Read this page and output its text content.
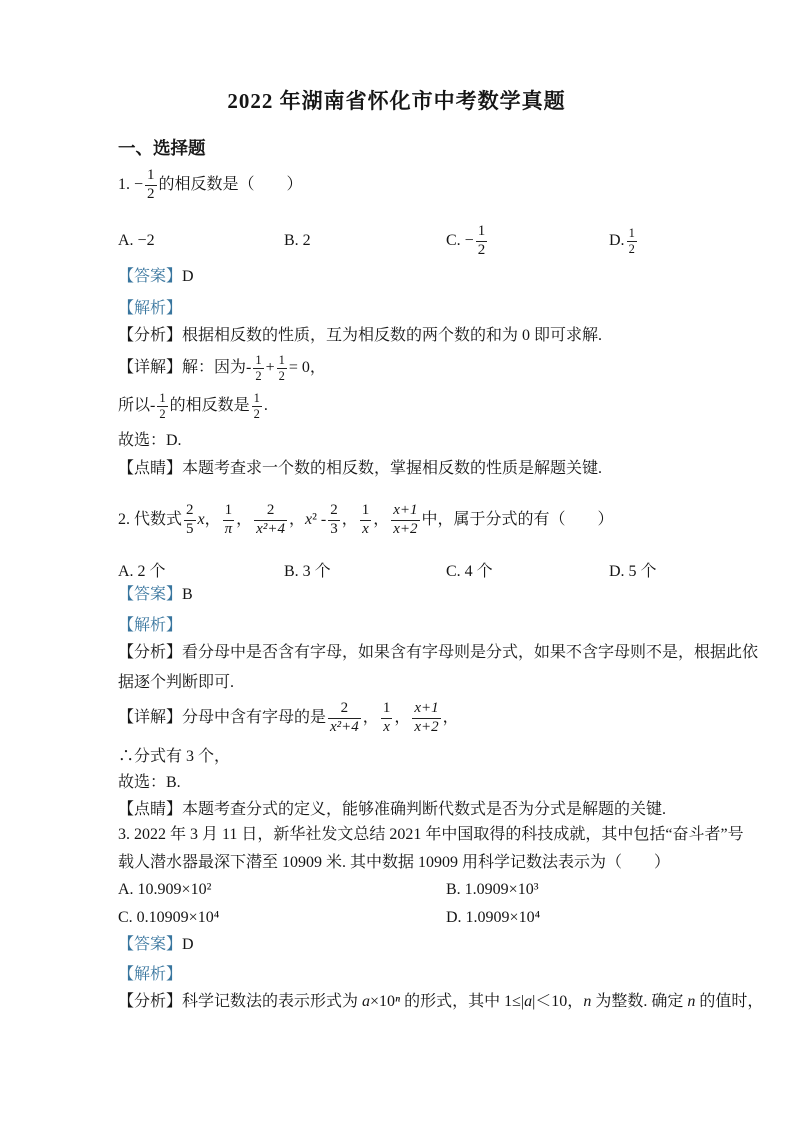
2022 年湖南省怀化市中考数学真题
一、选择题
1. − $\frac{1}{2}$ 的相反数是（　　）
A. −2	B. 2	C. − $\frac{1}{2}$	D. $\frac{1}{2}$
【答案】D
【解析】
【分析】根据相反数的性质，互为相反数的两个数的和为 0 即可求解.
【详解】解：因为- $\frac{1}{2} + \frac{1}{2} = 0$，
所以- $\frac{1}{2}$ 的相反数是 $\frac{1}{2}$ .
故选：D.
【点睛】本题考查求一个数的相反数，掌握相反数的性质是解题关键.
2. 代数式 $\frac{2}{5}$ x ， $\frac{1}{\pi}$ ， $\frac{2}{\text{x²+4}}$ ， x $^2 - \frac{2}{3}$ ， $\frac{1}{x}$ ， $\frac{x+1}{x+2}$ 中，属于分式的有（　　）
A. 2 个	B. 3 个	C. 4 个	D. 5 个
【答案】B
【解析】
【分析】看分母中是否含有字母，如果含有字母则是分式，如果不含字母则不是，根据此依
据逐个判断即可.
【详解】分母中含有字母的是 $\frac{2}{\text{x²+4}}$ ， $\frac{1}{x}$ ， $\frac{x+1}{x+2}$ ，
∴分式有 3 个，
故选：B.
【点睛】本题考查分式的定义，能够准确判断代数式是否为分式是解题的关键.
3. 2022 年 3 月 11 日，新华社发文总结 2021 年中国取得的科技成就，其中包括“奋斗者”号
载人潜水器最深下潜至 10909 米. 其中数据 10909 用科学记数法表示为（　　）
A. 10.909×10²	B. 1.0909×10³
C. 0.10909×10⁴	D. 1.0909×10⁴
【答案】D
【解析】
【分析】科学记数法的表示形式为 a×10ⁿ 的形式，其中 1≤|a|＜10，n 为整数. 确定 n 的值时，
